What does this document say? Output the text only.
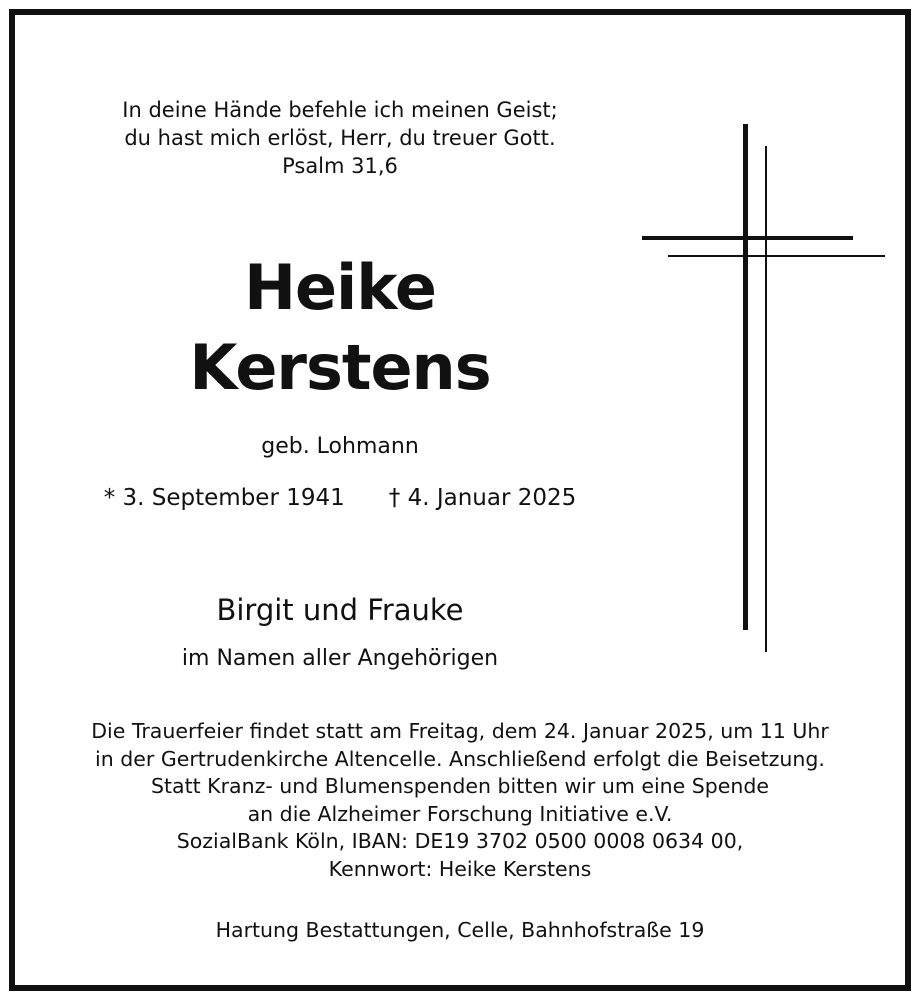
In deine Hände befehle ich meinen Geist;
du hast mich erlöst, Herr, du treuer Gott.
Psalm 31,6
Heike
Kerstens
geb. Lohmann
* 3. September 1941 † 4. Januar 2025
Birgit und Frauke
im Namen aller Angehörigen
Die Trauerfeier findet statt am Freitag, dem 24. Januar 2025, um 11 Uhr
in der Gertrudenkirche Altencelle. Anschließend erfolgt die Beisetzung.
Statt Kranz- und Blumenspenden bitten wir um eine Spende
an die Alzheimer Forschung Initiative e.V.
SozialBank Köln, IBAN: DE19 3702 0500 0008 0634 00,
Kennwort: Heike Kerstens
Hartung Bestattungen, Celle, Bahnhofstraße 19
